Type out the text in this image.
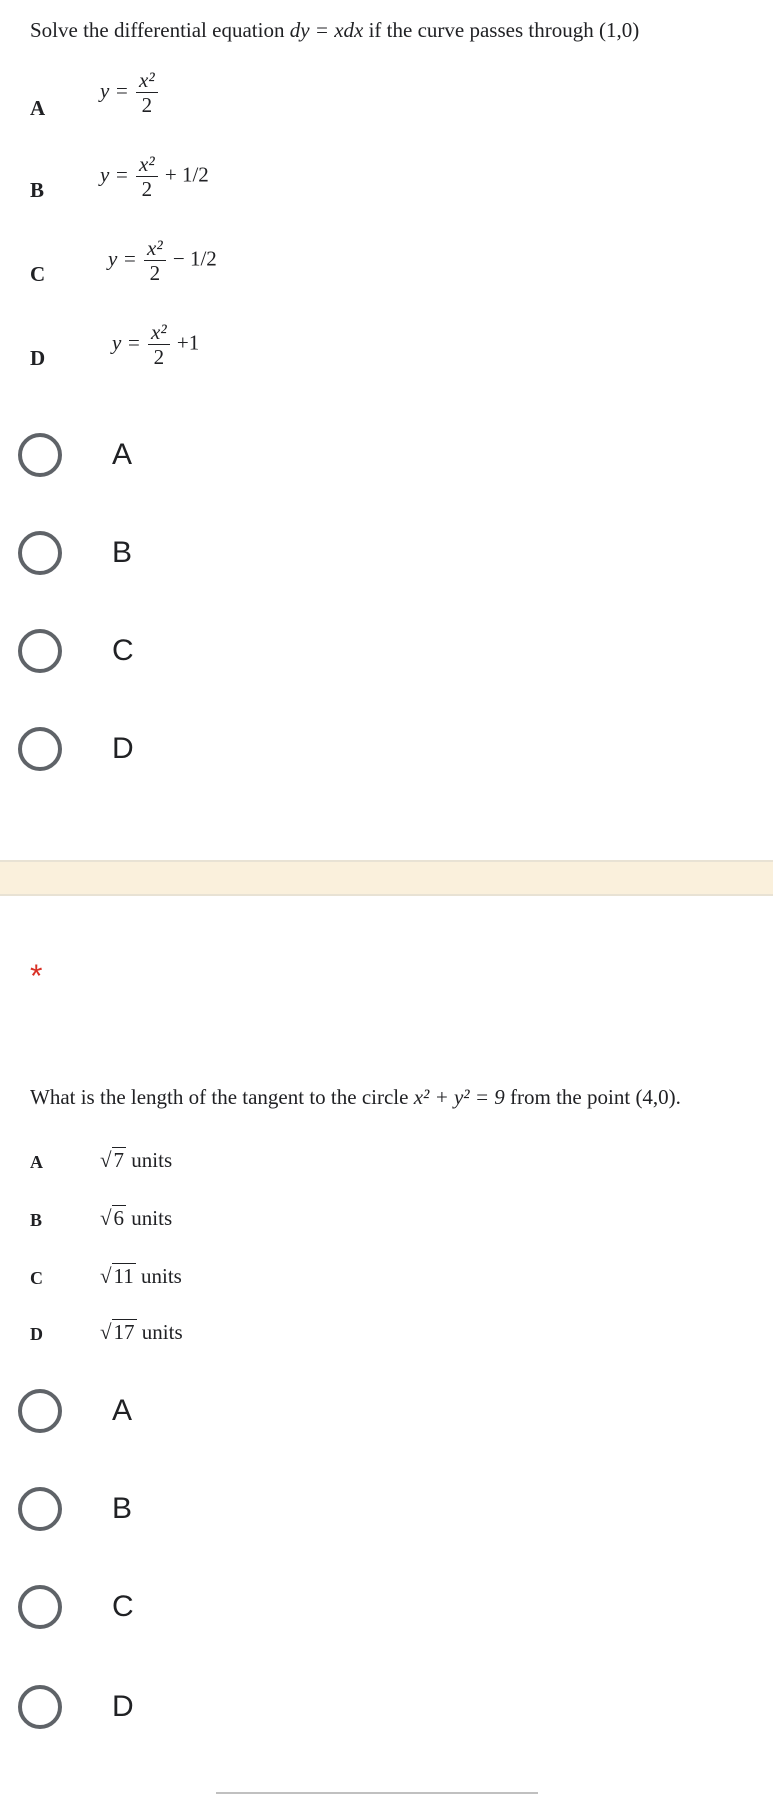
Solve the differential equation dy = xdx if the curve passes through (1,0)
A
$y = \frac{\text{x²}}{2}$
B
$y = \frac{\text{x²}}{2} + 1/2$
C
$y = \frac{\text{x²}}{2} - 1/2$
D
$y = \frac{\text{x²}}{2} +1$
A
B
C
D
*
What is the length of the tangent to the circle x² + y² = 9 from the point (4,0).
A	√7 units
B	√6 units
C	√11 units
D	√17 units
A
B
C
D
